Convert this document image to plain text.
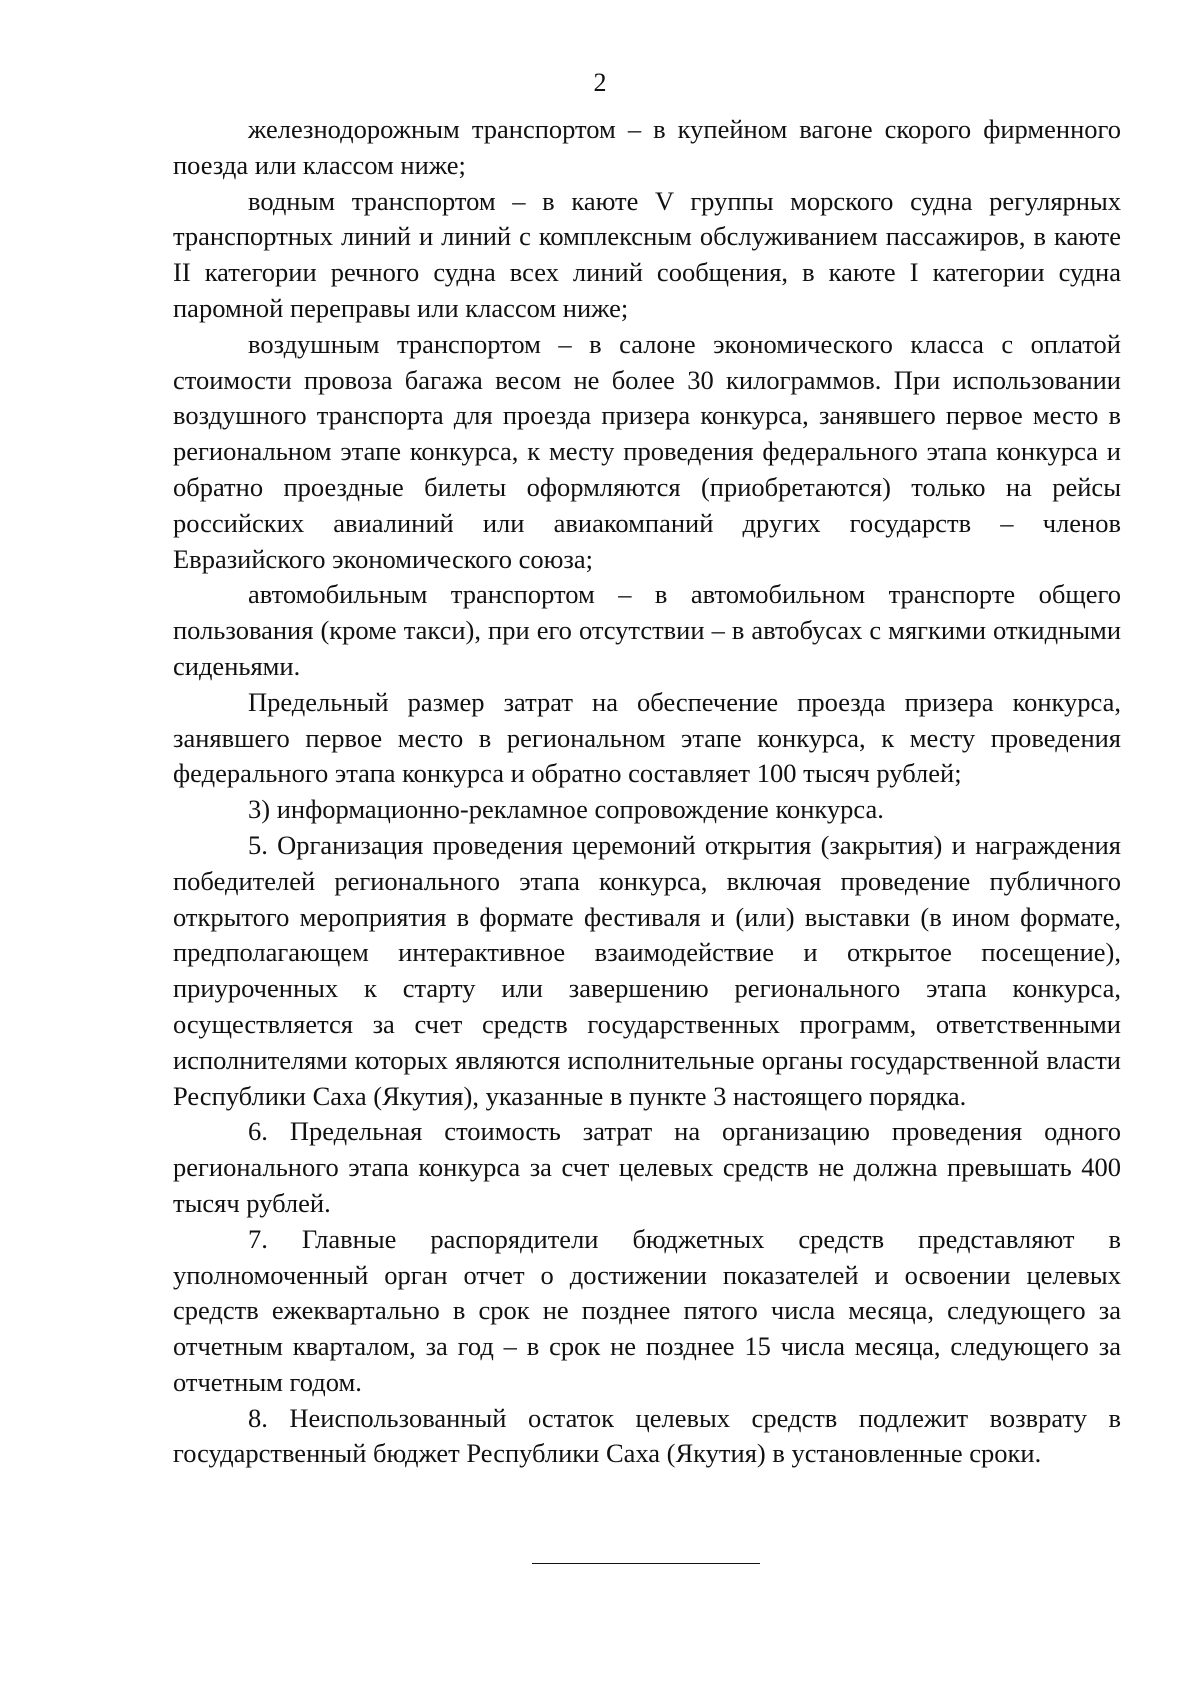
2

железнодорожным транспортом – в купейном вагоне скорого фирменного поезда или классом ниже;

водным транспортом – в каюте V группы морского судна регулярных транспортных линий и линий с комплексным обслуживанием пассажиров, в каюте II категории речного судна всех линий сообщения, в каюте I категории судна паромной переправы или классом ниже;

воздушным транспортом – в салоне экономического класса с оплатой стоимости провоза багажа весом не более 30 килограммов. При использовании воздушного транспорта для проезда призера конкурса, занявшего первое место в региональном этапе конкурса, к месту проведения федерального этапа конкурса и обратно проездные билеты оформляются (приобретаются) только на рейсы российских авиалиний или авиакомпаний других государств – членов Евразийского экономического союза;

автомобильным транспортом – в автомобильном транспорте общего пользования (кроме такси), при его отсутствии – в автобусах с мягкими откидными сиденьями.

Предельный размер затрат на обеспечение проезда призера конкурса, занявшего первое место в региональном этапе конкурса, к месту проведения федерального этапа конкурса и обратно составляет 100 тысяч рублей;

3) информационно-рекламное сопровождение конкурса.

5. Организация проведения церемоний открытия (закрытия) и награждения победителей регионального этапа конкурса, включая проведение публичного открытого мероприятия в формате фестиваля и (или) выставки (в ином формате, предполагающем интерактивное взаимодействие и открытое посещение), приуроченных к старту или завершению регионального этапа конкурса, осуществляется за счет средств государственных программ, ответственными исполнителями которых являются исполнительные органы государственной власти Республики Саха (Якутия), указанные в пункте 3 настоящего порядка.

6. Предельная стоимость затрат на организацию проведения одного регионального этапа конкурса за счет целевых средств не должна превышать 400 тысяч рублей.

7. Главные распорядители бюджетных средств представляют в уполномоченный орган отчет о достижении показателей и освоении целевых средств ежеквартально в срок не позднее пятого числа месяца, следующего за отчетным кварталом, за год – в срок не позднее 15 числа месяца, следующего за отчетным годом.

8. Неиспользованный остаток целевых средств подлежит возврату в государственный бюджет Республики Саха (Якутия) в установленные сроки.
